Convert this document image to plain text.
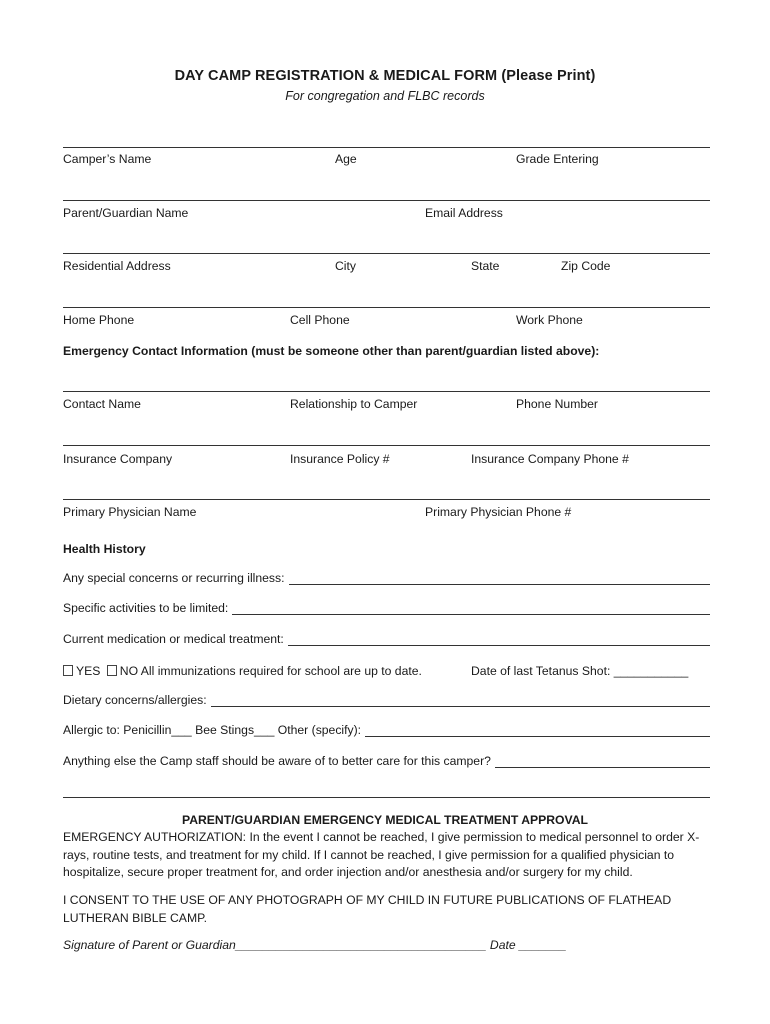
DAY CAMP REGISTRATION & MEDICAL FORM (Please Print)
For congregation and FLBC records
Camper’s Name	Age	Grade Entering
Parent/Guardian Name	Email Address
Residential Address	City	State	Zip Code
Home Phone	Cell Phone	Work Phone
Emergency Contact Information (must be someone other than parent/guardian listed above):
Contact Name	Relationship to Camper	Phone Number
Insurance Company	Insurance Policy #	Insurance Company Phone #
Primary Physician Name	Primary Physician Phone #
Health History
Any special concerns or recurring illness:
Specific activities to be limited:
Current medication or medical treatment:
YES NO All immunizations required for school are up to date.	Date of last Tetanus Shot: ___________
Dietary concerns/allergies:
Allergic to: Penicillin___ Bee Stings___ Other (specify):
Anything else the Camp staff should be aware of to better care for this camper?
PARENT/GUARDIAN EMERGENCY MEDICAL TREATMENT APPROVAL
EMERGENCY AUTHORIZATION: In the event I cannot be reached, I give permission to medical personnel to order X-rays, routine tests, and treatment for my child. If I cannot be reached, I give permission for a qualified physician to hospitalize, secure proper treatment for, and order injection and/or anesthesia and/or surgery for my child.
I CONSENT TO THE USE OF ANY PHOTOGRAPH OF MY CHILD IN FUTURE PUBLICATIONS OF FLATHEAD LUTHERAN BIBLE CAMP.
Signature of Parent or Guardian_____________________________________ Date _______
